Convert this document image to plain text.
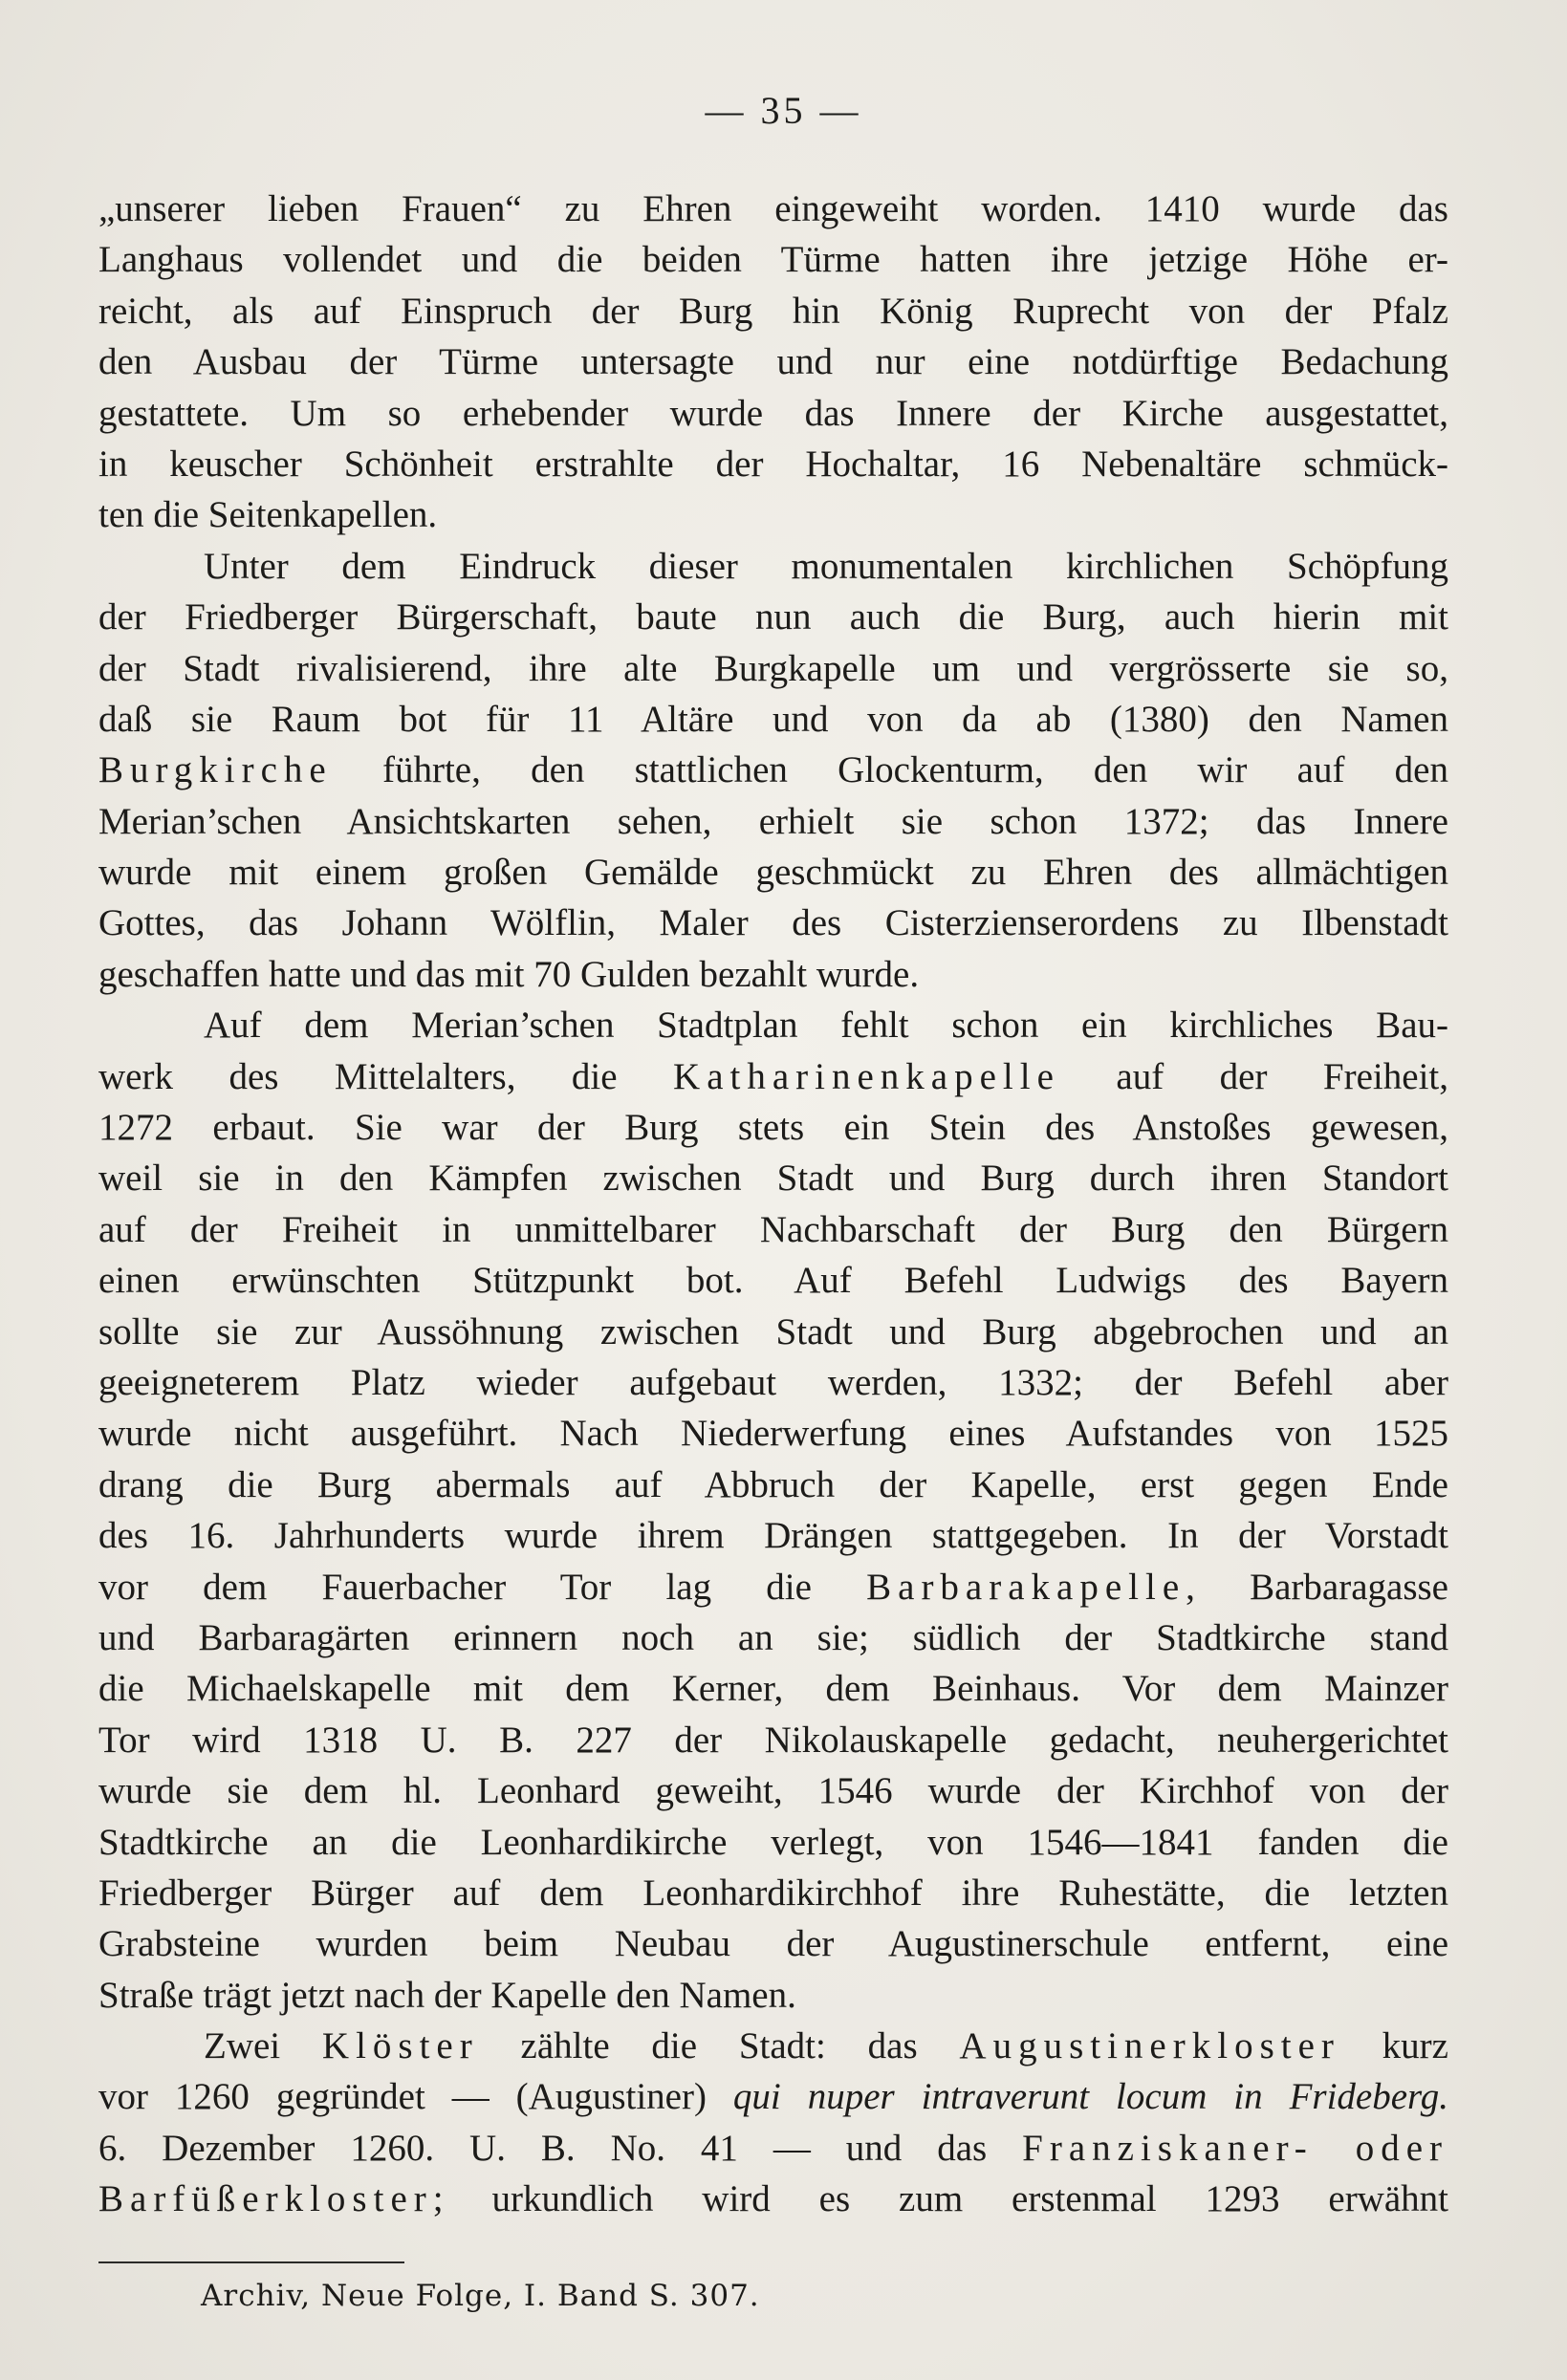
— 35 —
„unserer lieben Frauen“ zu Ehren eingeweiht worden. 1410 wurde das
Langhaus vollendet und die beiden Türme hatten ihre jetzige Höhe er-
reicht, als auf Einspruch der Burg hin König Ruprecht von der Pfalz
den Ausbau der Türme untersagte und nur eine notdürftige Bedachung
gestattete. Um so erhebender wurde das Innere der Kirche ausgestattet,
in keuscher Schönheit erstrahlte der Hochaltar, 16 Nebenaltäre schmück-
ten die Seitenkapellen.
Unter dem Eindruck dieser monumentalen kirchlichen Schöpfung
der Friedberger Bürgerschaft, baute nun auch die Burg, auch hierin mit
der Stadt rivalisierend, ihre alte Burgkapelle um und vergrösserte sie so,
daß sie Raum bot für 11 Altäre und von da ab (1380) den Namen
Burgkirche führte, den stattlichen Glockenturm, den wir auf den
Merian’schen Ansichtskarten sehen, erhielt sie schon 1372; das Innere
wurde mit einem großen Gemälde geschmückt zu Ehren des allmächtigen
Gottes, das Johann Wölflin, Maler des Cisterzienserordens zu Ilbenstadt
geschaffen hatte und das mit 70 Gulden bezahlt wurde.
Auf dem Merian’schen Stadtplan fehlt schon ein kirchliches Bau-
werk des Mittelalters, die Katharinenkapelle auf der Freiheit,
1272 erbaut. Sie war der Burg stets ein Stein des Anstoßes gewesen,
weil sie in den Kämpfen zwischen Stadt und Burg durch ihren Standort
auf der Freiheit in unmittelbarer Nachbarschaft der Burg den Bürgern
einen erwünschten Stützpunkt bot. Auf Befehl Ludwigs des Bayern
sollte sie zur Aussöhnung zwischen Stadt und Burg abgebrochen und an
geeigneterem Platz wieder aufgebaut werden, 1332; der Befehl aber
wurde nicht ausgeführt. Nach Niederwerfung eines Aufstandes von 1525
drang die Burg abermals auf Abbruch der Kapelle, erst gegen Ende
des 16. Jahrhunderts wurde ihrem Drängen stattgegeben. In der Vorstadt
vor dem Fauerbacher Tor lag die Barbarakapelle, Barbaragasse
und Barbaragärten erinnern noch an sie; südlich der Stadtkirche stand
die Michaelskapelle mit dem Kerner, dem Beinhaus. Vor dem Mainzer
Tor wird 1318 U. B. 227 der Nikolauskapelle gedacht, neuhergerichtet
wurde sie dem hl. Leonhard geweiht, 1546 wurde der Kirchhof von der
Stadtkirche an die Leonhardikirche verlegt, von 1546—1841 fanden die
Friedberger Bürger auf dem Leonhardikirchhof ihre Ruhestätte, die letzten
Grabsteine wurden beim Neubau der Augustinerschule entfernt, eine
Straße trägt jetzt nach der Kapelle den Namen.
Zwei Klöster zählte die Stadt: das Augustinerkloster kurz
vor 1260 gegründet — (Augustiner) qui nuper intraverunt locum in Frideberg.
6. Dezember 1260. U. B. No. 41 — und das Franziskaner- oder
Barfüßerkloster; urkundlich wird es zum erstenmal 1293 erwähnt
Archiv, Neue Folge, I. Band S. 307.
